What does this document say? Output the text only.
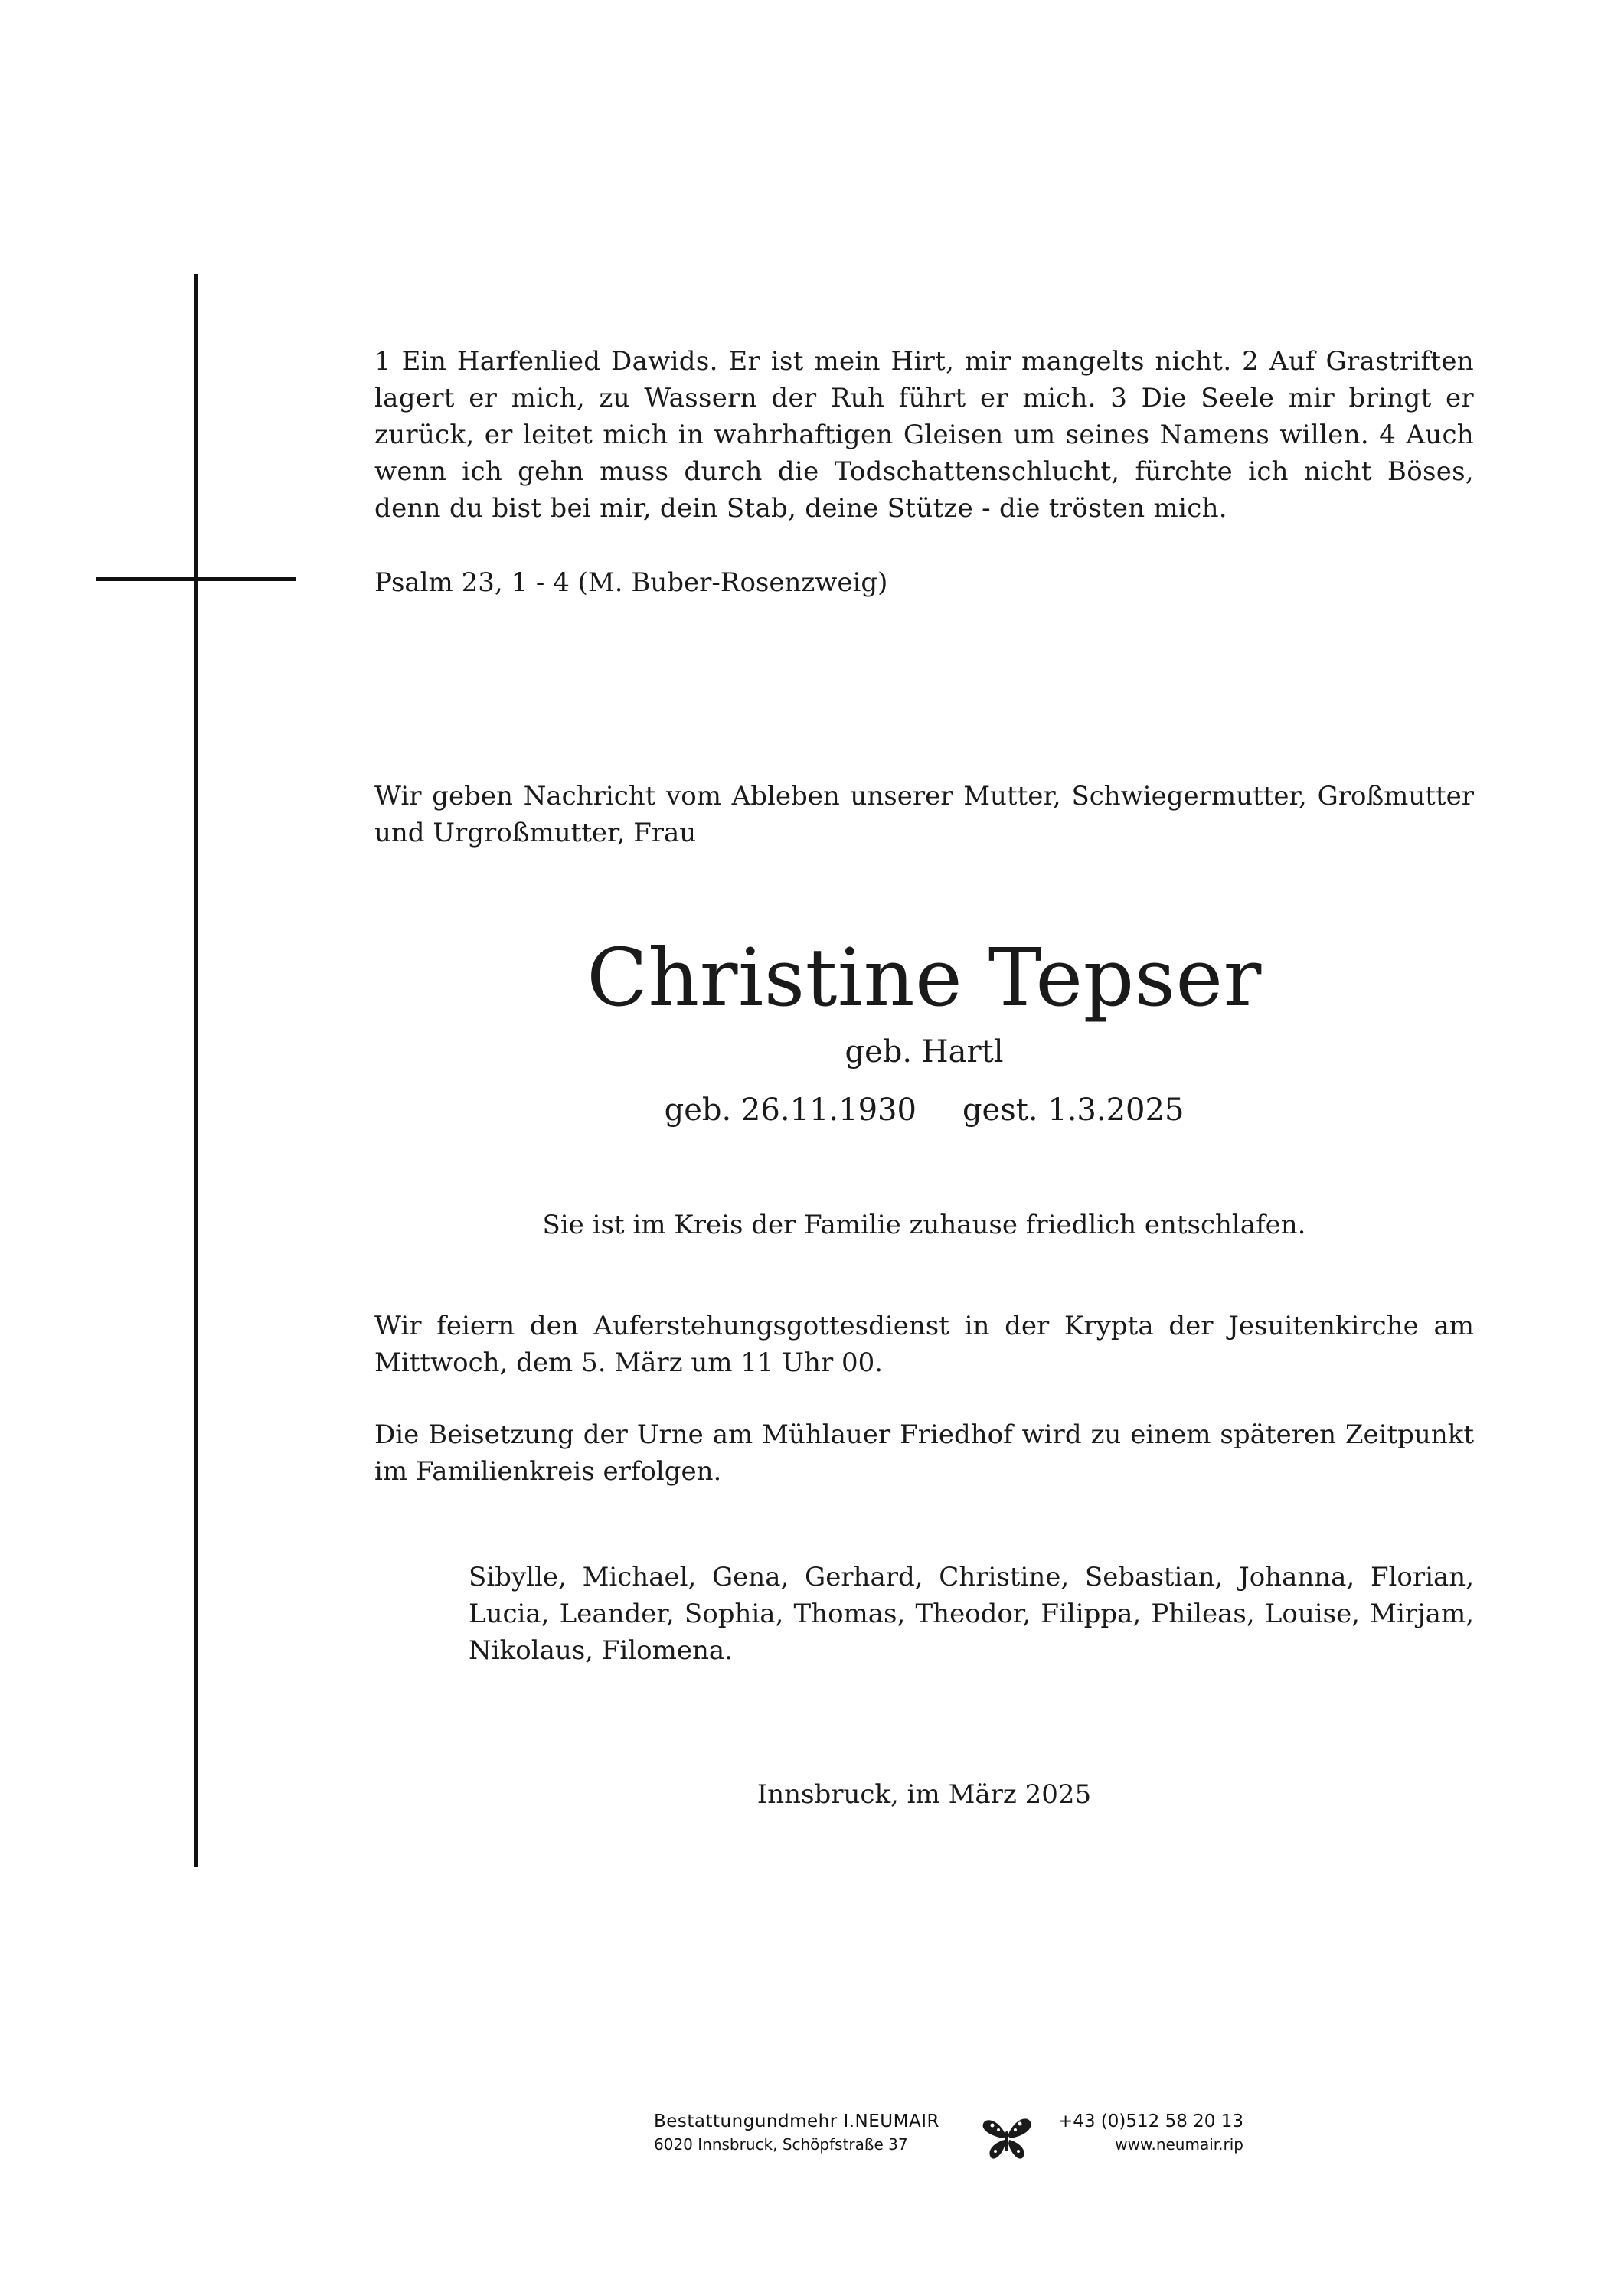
1 Ein Harfenlied Dawids. Er ist mein Hirt, mir mangelts nicht. 2 Auf Grastriften lagert er mich, zu Wassern der Ruh führt er mich. 3 Die Seele mir bringt er zurück, er leitet mich in wahrhaftigen Gleisen um seines Namens willen. 4 Auch wenn ich gehn muss durch die Todschattenschlucht, fürchte ich nicht Böses, denn du bist bei mir, dein Stab, deine Stütze - die trösten mich.

Psalm 23, 1 - 4 (M. Buber-Rosenzweig)

Wir geben Nachricht vom Ableben unserer Mutter, Schwiegermutter, Großmutter und Urgroßmutter, Frau

Christine Tepser
geb. Hartl
geb. 26.11.1930 gest. 1.3.2025

Sie ist im Kreis der Familie zuhause friedlich entschlafen.

Wir feiern den Auferstehungsgottesdienst in der Krypta der Jesuitenkirche am Mittwoch, dem 5. März um 11 Uhr 00.

Die Beisetzung der Urne am Mühlauer Friedhof wird zu einem späteren Zeitpunkt im Familienkreis erfolgen.

Sibylle, Michael, Gena, Gerhard, Christine, Sebastian, Johanna, Florian, Lucia, Leander, Sophia, Thomas, Theodor, Filippa, Phileas, Louise, Mirjam, Nikolaus, Filomena.

Innsbruck, im März 2025

Bestattungundmehr I.NEUMAIR
6020 Innsbruck, Schöpfstraße 37
+43 (0)512 58 20 13
www.neumair.rip
